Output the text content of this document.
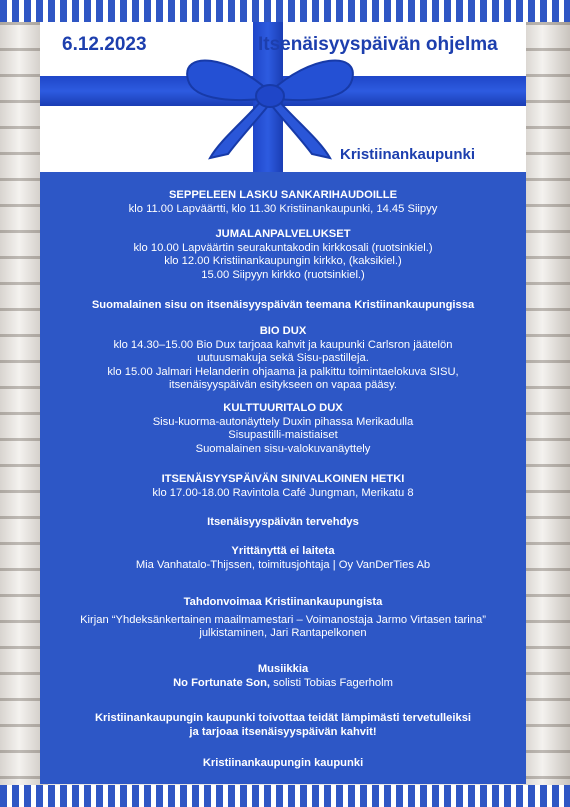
6.12.2023	Itsenäisyyspäivän ohjelma
Kristiinankaupunki
SEPPELEEN LASKU SANKARIHAUDOILLE
klo 11.00 Lapväärtti, klo 11.30 Kristiinankaupunki, 14.45 Siipyy
JUMALANPALVELUKSET
klo 10.00 Lapväärtin seurakuntakodin kirkkosali (ruotsinkiel.)
klo 12.00 Kristiinankaupungin kirkko, (kaksikiel.)
15.00 Siipyyn kirkko (ruotsinkiel.)
Suomalainen sisu on itsenäisyyspäivän teemana Kristiinankaupungissa
BIO DUX
klo 14.30–15.00 Bio Dux tarjoaa kahvit ja kaupunki Carlsron jäätelön
uutuusmakuja sekä Sisu-pastilleja.
klo 15.00 Jalmari Helanderin ohjaama ja palkittu toimintaelokuva SISU,
itsenäisyyspäivän esitykseen on vapaa pääsy.
KULTTUURITALO DUX
Sisu-kuorma-autonäyttely Duxin pihassa Merikadulla
Sisupastilli-maistiaiset
Suomalainen sisu-valokuvanäyttely
ITSENÄISYYSPÄIVÄN SINIVALKOINEN HETKI
klo 17.00-18.00 Ravintola Café Jungman, Merikatu 8
Itsenäisyyspäivän tervehdys
Yrittänyttä ei laiteta
Mia Vanhatalo-Thijssen, toimitusjohtaja | Oy VanDerTies Ab
Tahdonvoimaa Kristiinankaupungista
Kirjan “Yhdeksänkertainen maailmamestari – Voimanostaja Jarmo Virtasen tarina”
julkistaminen, Jari Rantapelkonen
Musiikkia
No Fortunate Son, solisti Tobias Fagerholm
Kristiinankaupungin kaupunki toivottaa teidät lämpimästi tervetulleiksi
ja tarjoaa itsenäisyyspäivän kahvit!
Kristiinankaupungin kaupunki
